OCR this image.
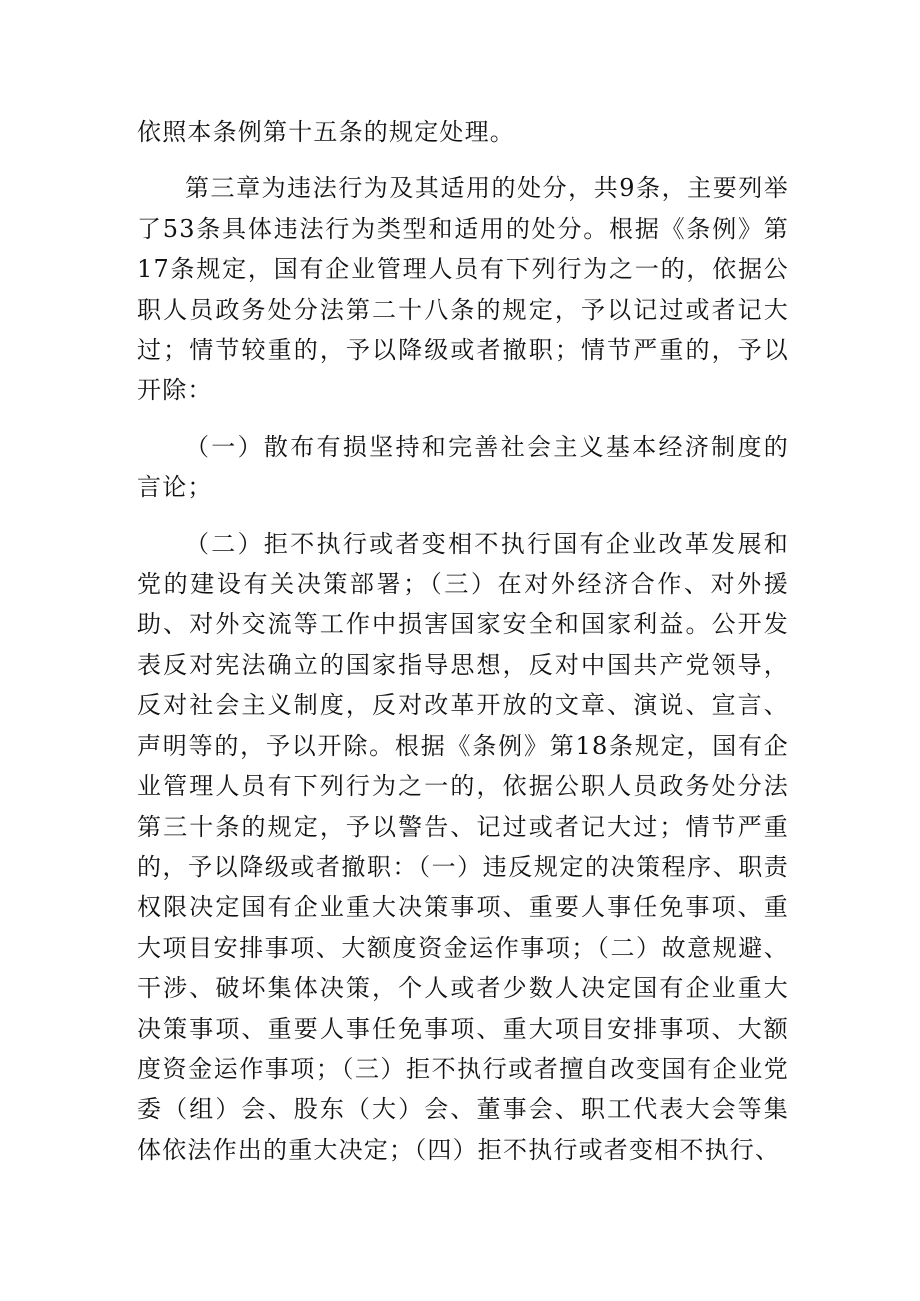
依照本条例第十五条的规定处理。

第三章为违法行为及其适用的处分，共9条，主要列举了53条具体违法行为类型和适用的处分。根据《条例》第17条规定，国有企业管理人员有下列行为之一的，依据公职人员政务处分法第二十八条的规定，予以记过或者记大过；情节较重的，予以降级或者撤职；情节严重的，予以开除：

（一）散布有损坚持和完善社会主义基本经济制度的言论；

（二）拒不执行或者变相不执行国有企业改革发展和党的建设有关决策部署；（三）在对外经济合作、对外援助、对外交流等工作中损害国家安全和国家利益。公开发表反对宪法确立的国家指导思想，反对中国共产党领导，反对社会主义制度，反对改革开放的文章、演说、宣言、声明等的，予以开除。根据《条例》第18条规定，国有企业管理人员有下列行为之一的，依据公职人员政务处分法第三十条的规定，予以警告、记过或者记大过；情节严重的，予以降级或者撤职：（一）违反规定的决策程序、职责权限决定国有企业重大决策事项、重要人事任免事项、重大项目安排事项、大额度资金运作事项；（二）故意规避、干涉、破坏集体决策，个人或者少数人决定国有企业重大决策事项、重要人事任免事项、重大项目安排事项、大额度资金运作事项；（三）拒不执行或者擅自改变国有企业党委（组）会、股东（大）会、董事会、职工代表大会等集体依法作出的重大决定；（四）拒不执行或者变相不执行、
